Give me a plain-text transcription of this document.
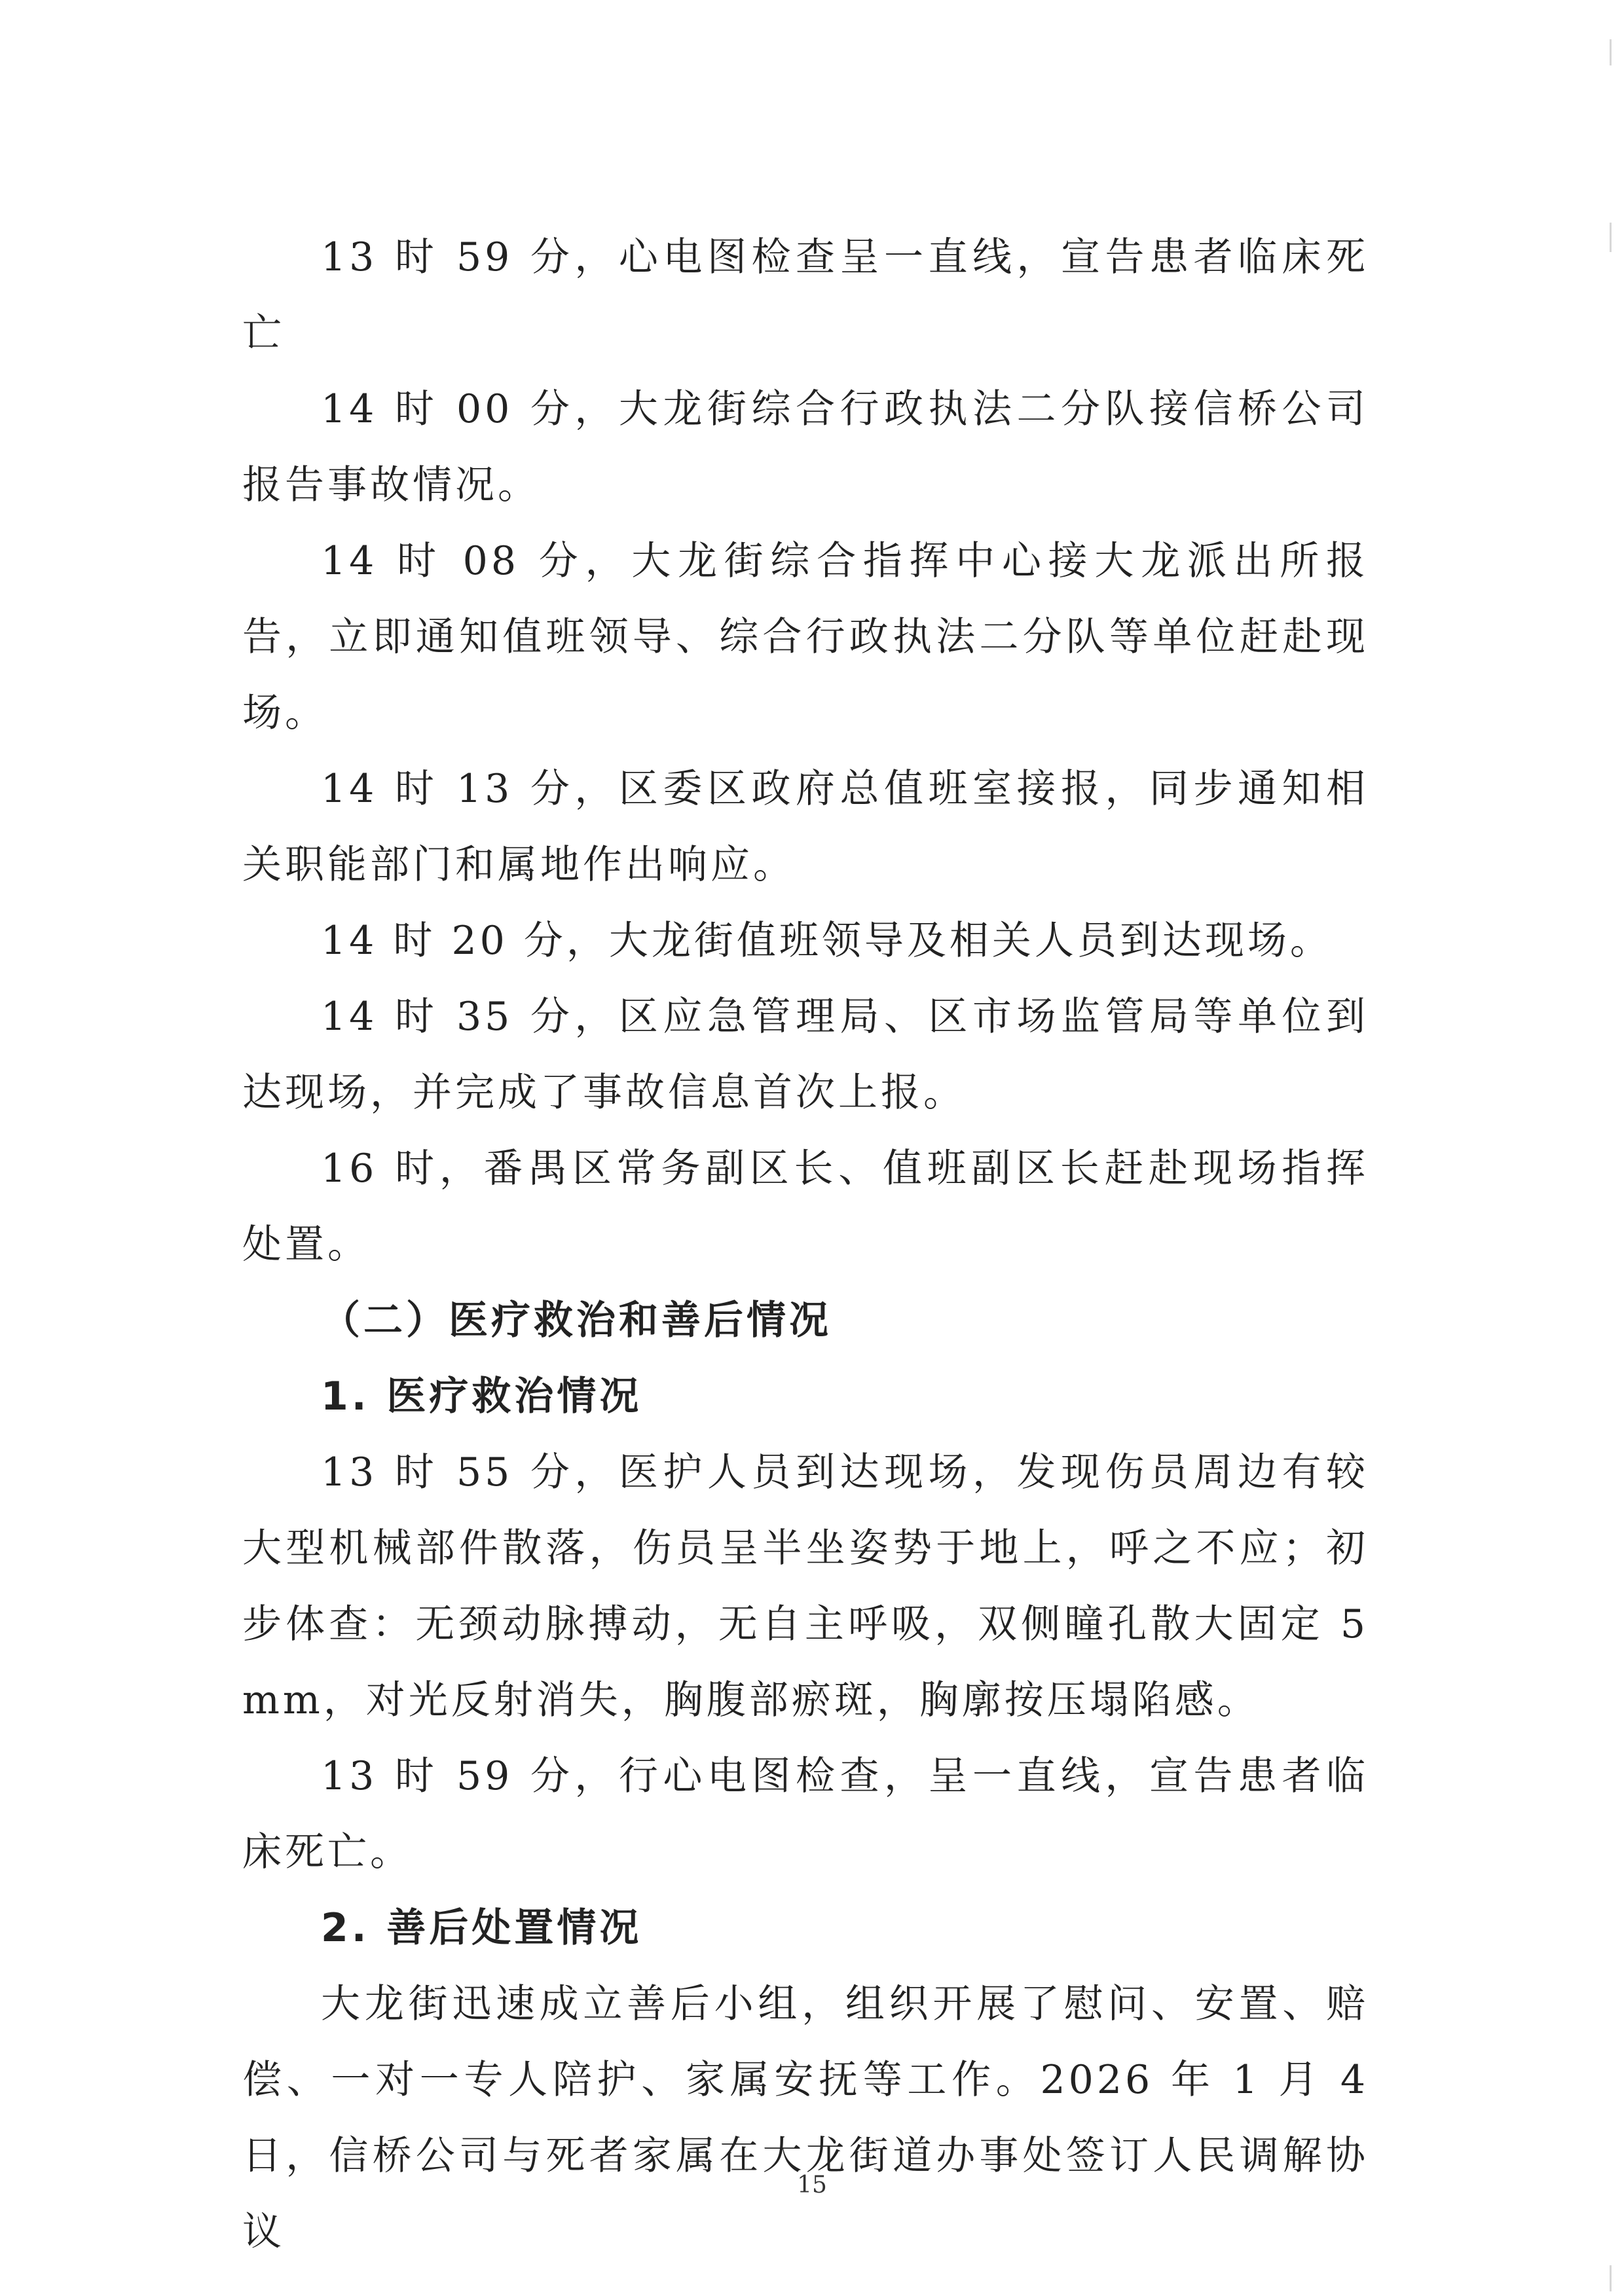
13 时 59 分，心电图检查呈一直线，宣告患者临床死亡

14 时 00 分，大龙街综合行政执法二分队接信桥公司报告事故情况。

14 时 08 分，大龙街综合指挥中心接大龙派出所报告，立即通知值班领导、综合行政执法二分队等单位赶赴现场。

14 时 13 分，区委区政府总值班室接报，同步通知相关职能部门和属地作出响应。

14 时 20 分，大龙街值班领导及相关人员到达现场。

14 时 35 分，区应急管理局、区市场监管局等单位到达现场，并完成了事故信息首次上报。

16 时，番禺区常务副区长、值班副区长赶赴现场指挥处置。

（二）医疗救治和善后情况

1. 医疗救治情况

13 时 55 分，医护人员到达现场，发现伤员周边有较大型机械部件散落，伤员呈半坐姿势于地上，呼之不应；初步体查：无颈动脉搏动，无自主呼吸，双侧瞳孔散大固定 5mm，对光反射消失，胸腹部瘀斑，胸廓按压塌陷感。

13 时 59 分，行心电图检查，呈一直线，宣告患者临床死亡。

2. 善后处置情况

大龙街迅速成立善后小组，组织开展了慰问、安置、赔偿、一对一专人陪护、家属安抚等工作。2026 年 1 月 4 日，信桥公司与死者家属在大龙街道办事处签订人民调解协议

15
